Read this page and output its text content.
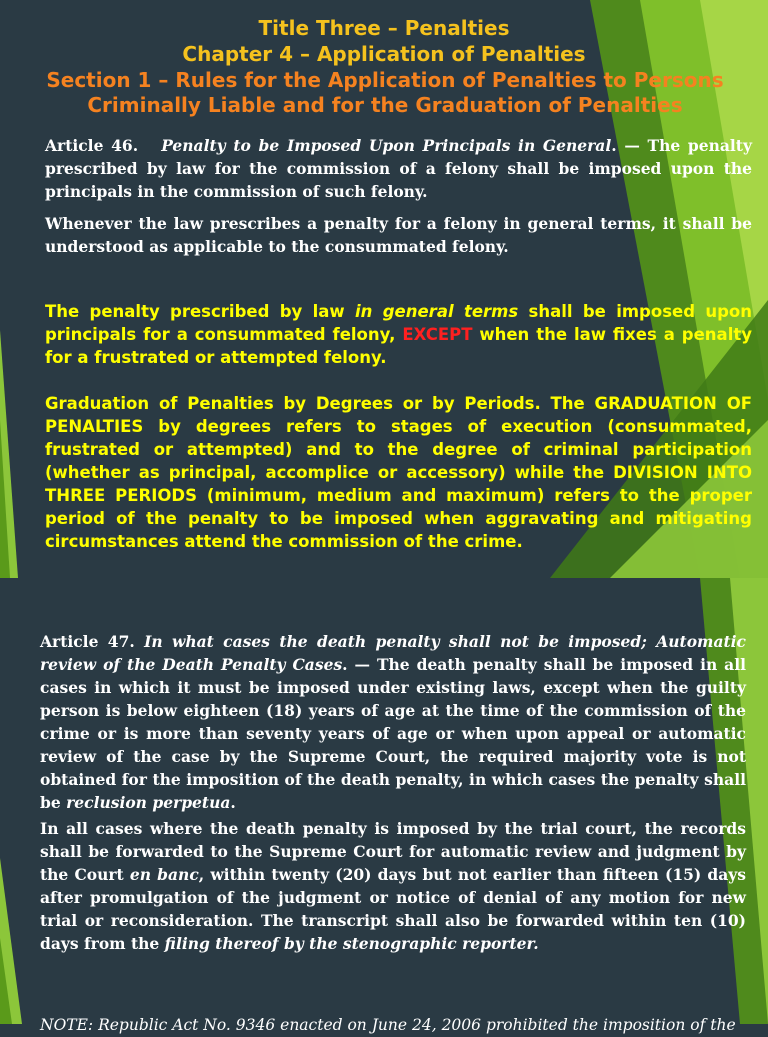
Title Three – Penalties
Chapter 4 – Application of Penalties
Section 1 – Rules for the Application of Penalties to Persons Criminally Liable and for the Graduation of Penalties
Article 46. Penalty to be Imposed Upon Principals in General. — The penalty prescribed by law for the commission of a felony shall be imposed upon the principals in the commission of such felony.
Whenever the law prescribes a penalty for a felony in general terms, it shall be understood as applicable to the consummated felony.
The penalty prescribed by law in general terms shall be imposed upon principals for a consummated felony, EXCEPT when the law fixes a penalty for a frustrated or attempted felony.
Graduation of Penalties by Degrees or by Periods. The GRADUATION OF PENALTIES by degrees refers to stages of execution (consummated, frustrated or attempted) and to the degree of criminal participation (whether as principal, accomplice or accessory) while the DIVISION INTO THREE PERIODS (minimum, medium and maximum) refers to the proper period of the penalty to be imposed when aggravating and mitigating circumstances attend the commission of the crime.
Article 47. In what cases the death penalty shall not be imposed; Automatic review of the Death Penalty Cases. — The death penalty shall be imposed in all cases in which it must be imposed under existing laws, except when the guilty person is below eighteen (18) years of age at the time of the commission of the crime or is more than seventy years of age or when upon appeal or automatic review of the case by the Supreme Court, the required majority vote is not obtained for the imposition of the death penalty, in which cases the penalty shall be reclusion perpetua.
In all cases where the death penalty is imposed by the trial court, the records shall be forwarded to the Supreme Court for automatic review and judgment by the Court en banc, within twenty (20) days but not earlier than fifteen (15) days after promulgation of the judgment or notice of denial of any motion for new trial or reconsideration. The transcript shall also be forwarded within ten (10) days from the filing thereof by the stenographic reporter.
NOTE: Republic Act No. 9346 enacted on June 24, 2006 prohibited the imposition of the
